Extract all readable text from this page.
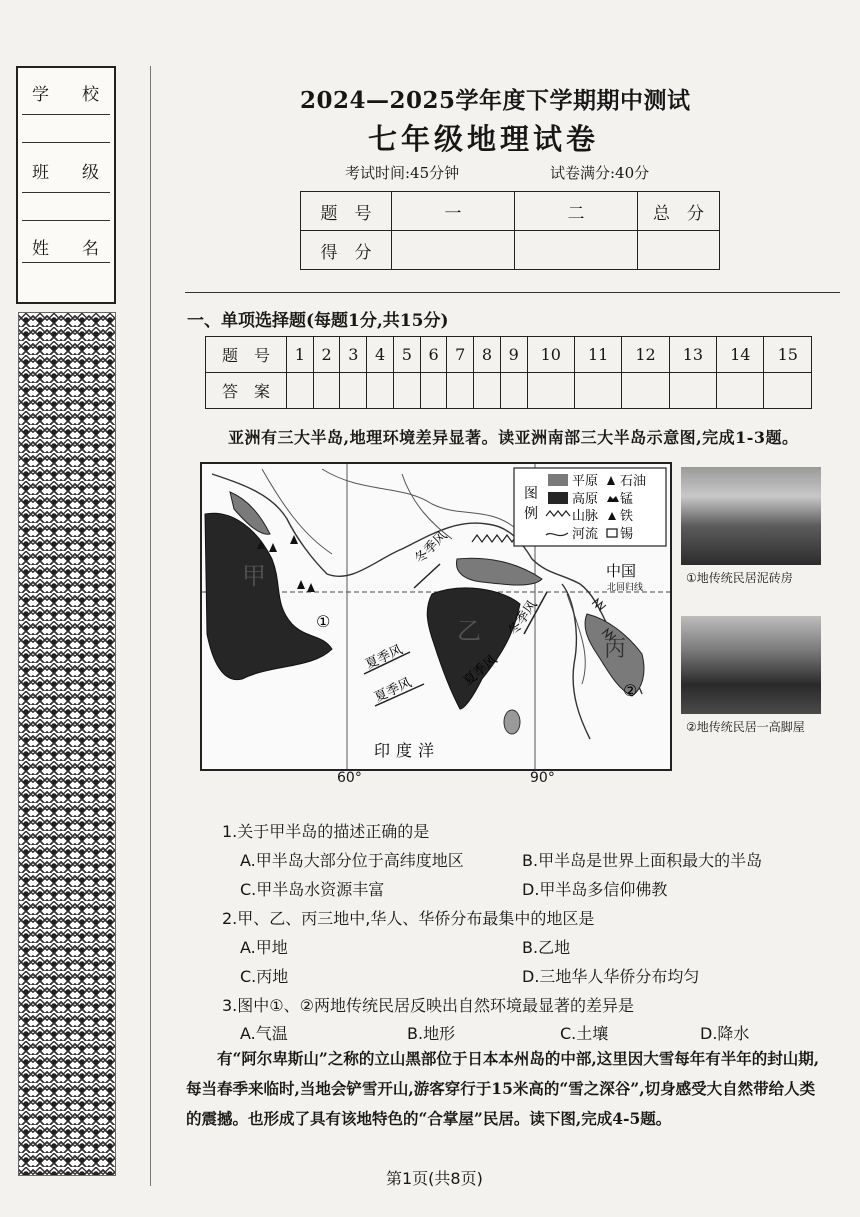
学 校
班 级
姓 名
2024—2025学年度下学期期中测试
七年级地理试卷
考试时间:45分钟	试卷满分:40分
题　号	一	二	总　分
得　分			
一、单项选择题(每题1分,共15分)
题　号	1	2	3	4	5	6	7	8	9	10	11	12	13	14	15
答　案															
亚洲有三大半岛,地理环境差异显著。读亚洲南部三大半岛示意图,完成1-3题。
图
例
平原
高原
山脉
河流
石油
锰
铁
锡
甲
乙
丙
中国
北回归线
印度洋
①
②
冬季风
冬季风
夏季风
夏季风
夏季风
60°	90°
①地传统民居泥砖房
②地传统民居一高脚屋
1.关于甲半岛的描述正确的是
A.甲半岛大部分位于高纬度地区	B.甲半岛是世界上面积最大的半岛
C.甲半岛水资源丰富	D.甲半岛多信仰佛教
2.甲、乙、丙三地中,华人、华侨分布最集中的地区是
A.甲地	B.乙地
C.丙地	D.三地华人华侨分布均匀
3.图中①、②两地传统民居反映出自然环境最显著的差异是
A.气温	B.地形	C.土壤	D.降水
有“阿尔卑斯山”之称的立山黑部位于日本本州岛的中部,这里因大雪每年有半年的封山期,每当春季来临时,当地会铲雪开山,游客穿行于15米高的“雪之深谷”,切身感受大自然带给人类的震撼。也形成了具有该地特色的“合掌屋”民居。读下图,完成4-5题。
第1页(共8页)
